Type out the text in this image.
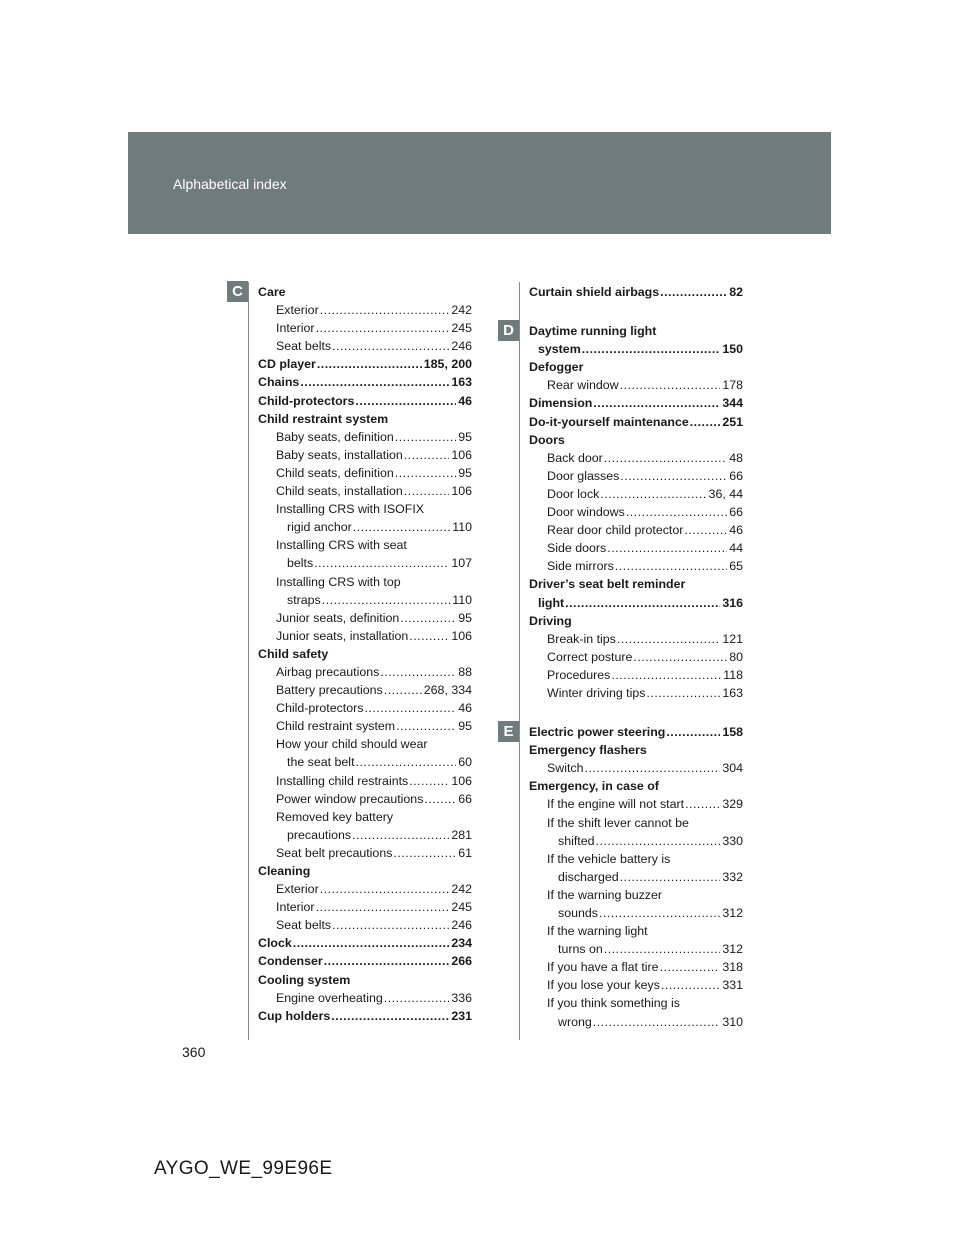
Alphabetical index
C
D
E
Care
Exterior .....	242
Interior .....	245
Seat belts .....	246
CD player .....	185, 200
Chains .....	163
Child-protectors .....	46
Child restraint system
Baby seats, definition .....	95
Baby seats, installation .....	106
Child seats, definition .....	95
Child seats, installation .....	106
Installing CRS with ISOFIX
rigid anchor .....	110
Installing CRS with seat
belts .....	107
Installing CRS with top
straps .....	110
Junior seats, definition .....	95
Junior seats, installation .....	106
Child safety
Airbag precautions .....	88
Battery precautions .....	268, 334
Child-protectors .....	46
Child restraint system .....	95
How your child should wear
the seat belt .....	60
Installing child restraints .....	106
Power window precautions .....	66
Removed key battery
precautions .....	281
Seat belt precautions .....	61
Cleaning
Exterior .....	242
Interior .....	245
Seat belts .....	246
Clock .....	234
Condenser .....	266
Cooling system
Engine overheating .....	336
Cup holders .....	231
Curtain shield airbags .....	82
Daytime running light
system .....	150
Defogger
Rear window .....	178
Dimension .....	344
Do-it-yourself maintenance .....	251
Doors
Back door .....	48
Door glasses .....	66
Door lock .....	36, 44
Door windows .....	66
Rear door child protector .....	46
Side doors .....	44
Side mirrors .....	65
Driver’s seat belt reminder
light .....	316
Driving
Break-in tips .....	121
Correct posture .....	80
Procedures .....	118
Winter driving tips .....	163
Electric power steering .....	158
Emergency flashers
Switch .....	304
Emergency, in case of
If the engine will not start .....	329
If the shift lever cannot be
shifted .....	330
If the vehicle battery is
discharged .....	332
If the warning buzzer
sounds .....	312
If the warning light
turns on .....	312
If you have a flat tire .....	318
If you lose your keys .....	331
If you think something is
wrong .....	310
360
AYGO_WE_99E96E
